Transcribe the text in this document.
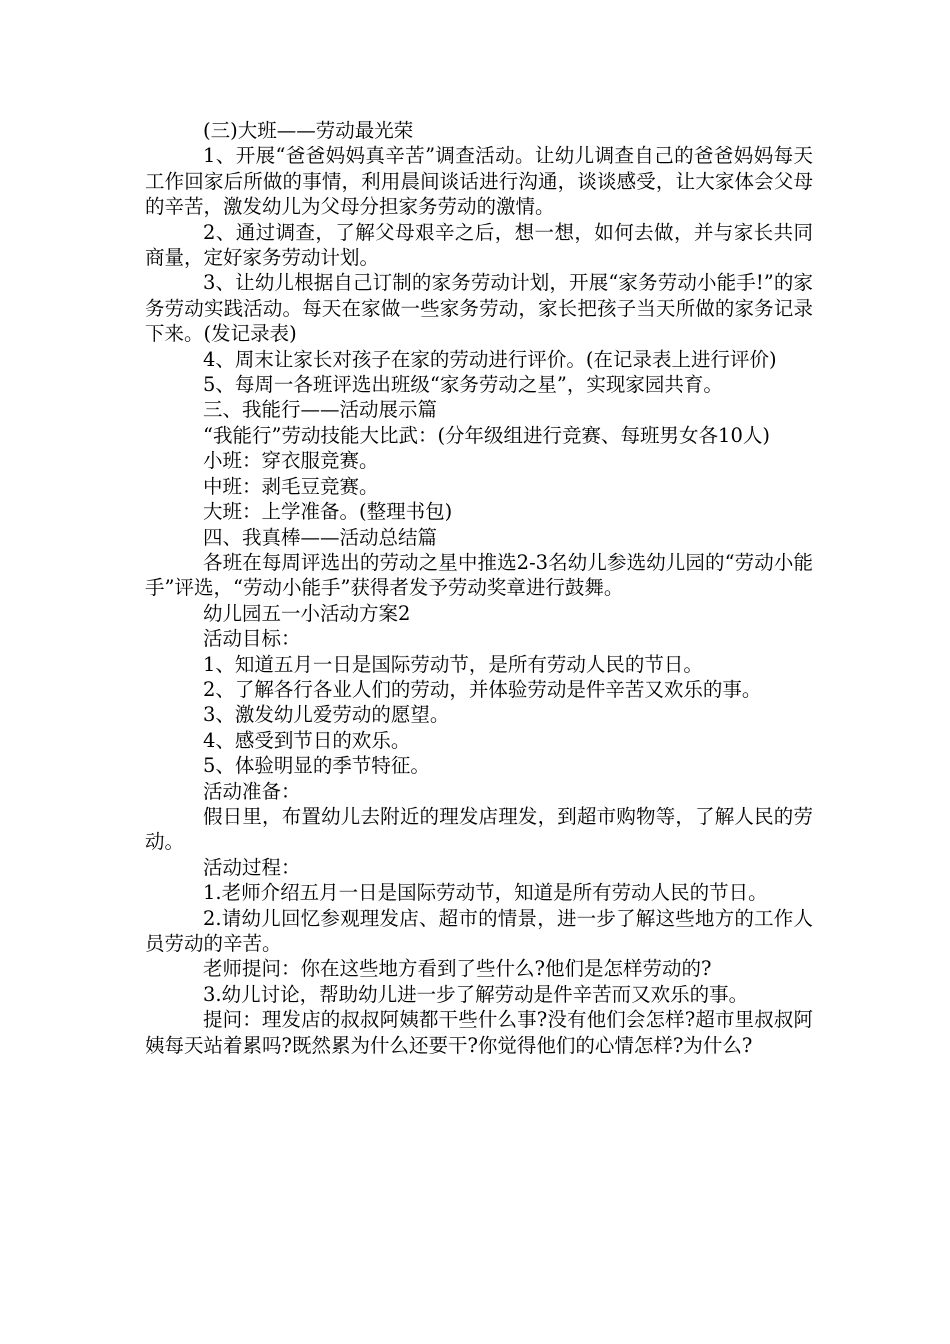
(三)大班——劳动最光荣

1、开展“爸爸妈妈真辛苦”调查活动。让幼儿调查自己的爸爸妈妈每天工作回家后所做的事情，利用晨间谈话进行沟通，谈谈感受，让大家体会父母的辛苦，激发幼儿为父母分担家务劳动的激情。

2、通过调查，了解父母艰辛之后，想一想，如何去做，并与家长共同商量，定好家务劳动计划。

3、让幼儿根据自己订制的家务劳动计划，开展“家务劳动小能手!”的家务劳动实践活动。每天在家做一些家务劳动，家长把孩子当天所做的家务记录下来。(发记录表)

4、周末让家长对孩子在家的劳动进行评价。(在记录表上进行评价)

5、每周一各班评选出班级“家务劳动之星”，实现家园共育。

三、我能行——活动展示篇

“我能行”劳动技能大比武：(分年级组进行竞赛、每班男女各10人)

小班：穿衣服竞赛。

中班：剥毛豆竞赛。

大班：上学准备。(整理书包)

四、我真棒——活动总结篇

各班在每周评选出的劳动之星中推选2-3名幼儿参选幼儿园的“劳动小能手”评选，“劳动小能手”获得者发予劳动奖章进行鼓舞。

幼儿园五一小活动方案2

活动目标：

1、知道五月一日是国际劳动节，是所有劳动人民的节日。

2、了解各行各业人们的劳动，并体验劳动是件辛苦又欢乐的事。

3、激发幼儿爱劳动的愿望。

4、感受到节日的欢乐。

5、体验明显的季节特征。

活动准备：

假日里，布置幼儿去附近的理发店理发，到超市购物等，了解人民的劳动。

活动过程：

1.老师介绍五月一日是国际劳动节，知道是所有劳动人民的节日。

2.请幼儿回忆参观理发店、超市的情景，进一步了解这些地方的工作人员劳动的辛苦。

老师提问：你在这些地方看到了些什么?他们是怎样劳动的?

3.幼儿讨论，帮助幼儿进一步了解劳动是件辛苦而又欢乐的事。

提问：理发店的叔叔阿姨都干些什么事?没有他们会怎样?超市里叔叔阿姨每天站着累吗?既然累为什么还要干?你觉得他们的心情怎样?为什么?
